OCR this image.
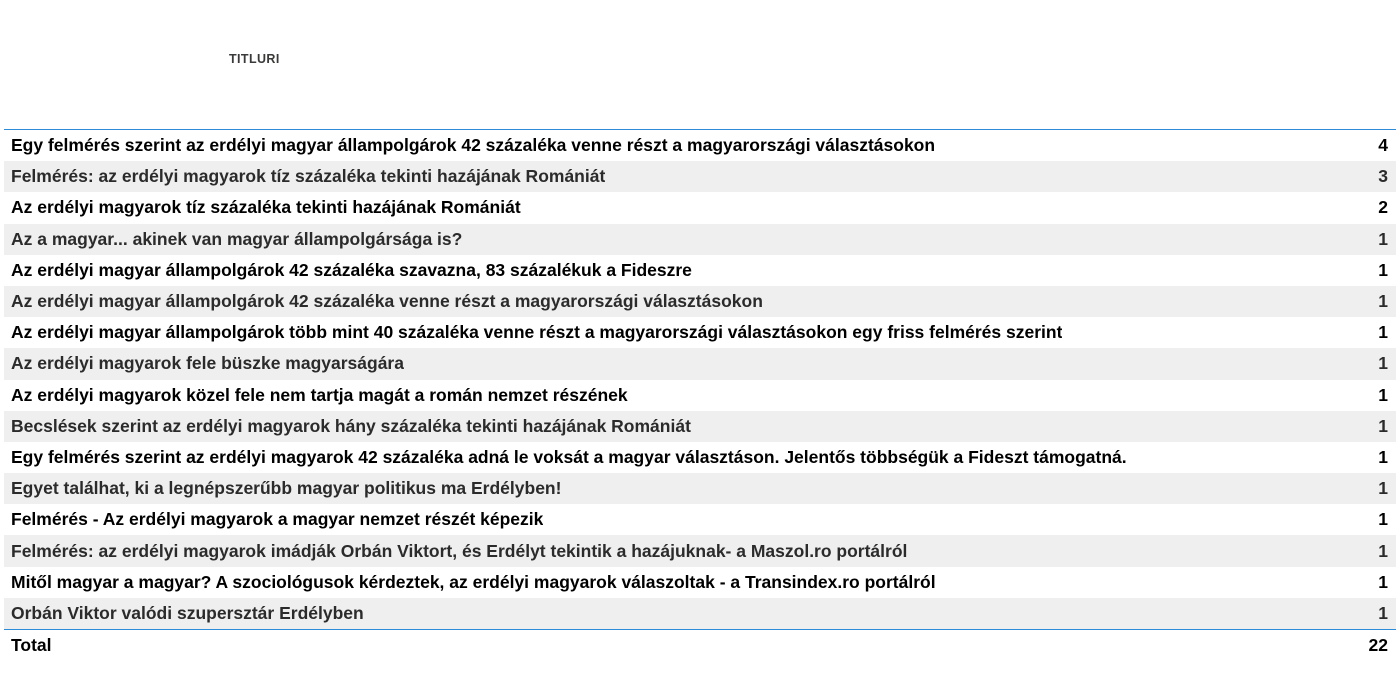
TITLURI
Egy felmérés szerint az erdélyi magyar állampolgárok 42 százaléka venne részt a magyarországi választásokon	4
Felmérés: az erdélyi magyarok tíz százaléka tekinti hazájának Romániát	3
Az erdélyi magyarok tíz százaléka tekinti hazájának Romániát	2
Az a magyar... akinek van magyar állampolgársága is?	1
Az erdélyi magyar állampolgárok 42 százaléka szavazna, 83 százalékuk a Fideszre	1
Az erdélyi magyar állampolgárok 42 százaléka venne részt a magyarországi választásokon	1
Az erdélyi magyar állampolgárok több mint 40 százaléka venne részt a magyarországi választásokon egy friss felmérés szerint	1
Az erdélyi magyarok fele büszke magyarságára	1
Az erdélyi magyarok közel fele nem tartja magát a román nemzet részének	1
Becslések szerint az erdélyi magyarok hány százaléka tekinti hazájának Romániát	1
Egy felmérés szerint az erdélyi magyarok 42 százaléka adná le voksát a magyar választáson. Jelentős többségük a Fideszt támogatná.	1
Egyet találhat, ki a legnépszerűbb magyar politikus ma Erdélyben!	1
Felmérés - Az erdélyi magyarok a magyar nemzet részét képezik	1
Felmérés: az erdélyi magyarok imádják Orbán Viktort, és Erdélyt tekintik a hazájuknak- a Maszol.ro portálról	1
Mitől magyar a magyar? A szociológusok kérdeztek, az erdélyi magyarok válaszoltak - a Transindex.ro portálról	1
Orbán Viktor valódi szupersztár Erdélyben	1
Total	22
